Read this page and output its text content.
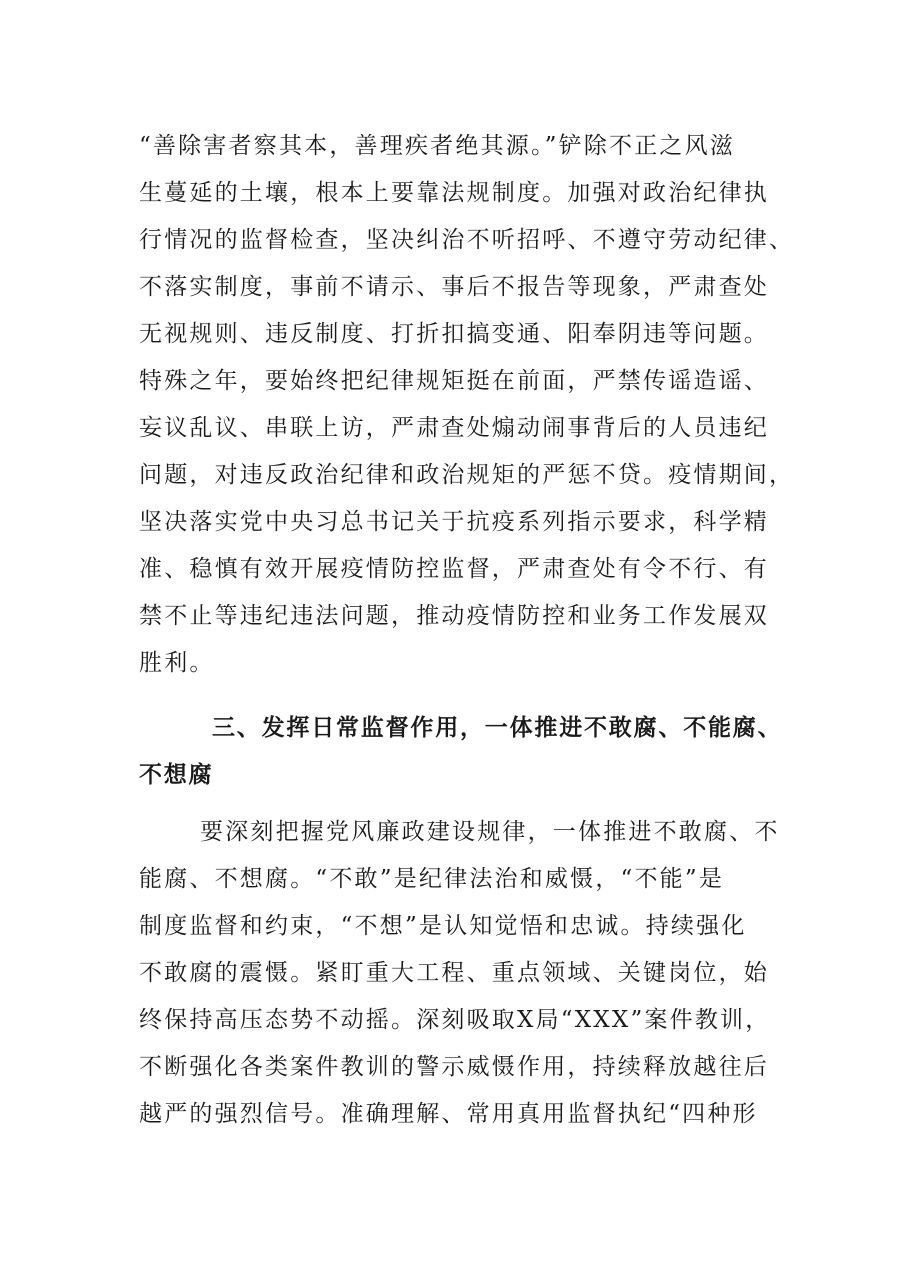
“善除害者察其本，善理疾者绝其源。”铲除不正之风滋
生蔓延的土壤，根本上要靠法规制度。加强对政治纪律执
行情况的监督检查，坚决纠治不听招呼、不遵守劳动纪律、
不落实制度，事前不请示、事后不报告等现象，严肃查处
无视规则、违反制度、打折扣搞变通、阳奉阴违等问题。
特殊之年，要始终把纪律规矩挺在前面，严禁传谣造谣、
妄议乱议、串联上访，严肃查处煽动闹事背后的人员违纪
问题，对违反政治纪律和政治规矩的严惩不贷。疫情期间，
坚决落实党中央习总书记关于抗疫系列指示要求，科学精
准、稳慎有效开展疫情防控监督，严肃查处有令不行、有
禁不止等违纪违法问题，推动疫情防控和业务工作发展双
胜利。
三、发挥日常监督作用，一体推进不敢腐、不能腐、
不想腐
要深刻把握党风廉政建设规律，一体推进不敢腐、不
能腐、不想腐。“不敢”是纪律法治和威慑，“不能”是
制度监督和约束，“不想”是认知觉悟和忠诚。持续强化
不敢腐的震慑。紧盯重大工程、重点领域、关键岗位，始
终保持高压态势不动摇。深刻吸取X局“XXX”案件教训，
不断强化各类案件教训的警示威慑作用，持续释放越往后
越严的强烈信号。准确理解、常用真用监督执纪“四种形
